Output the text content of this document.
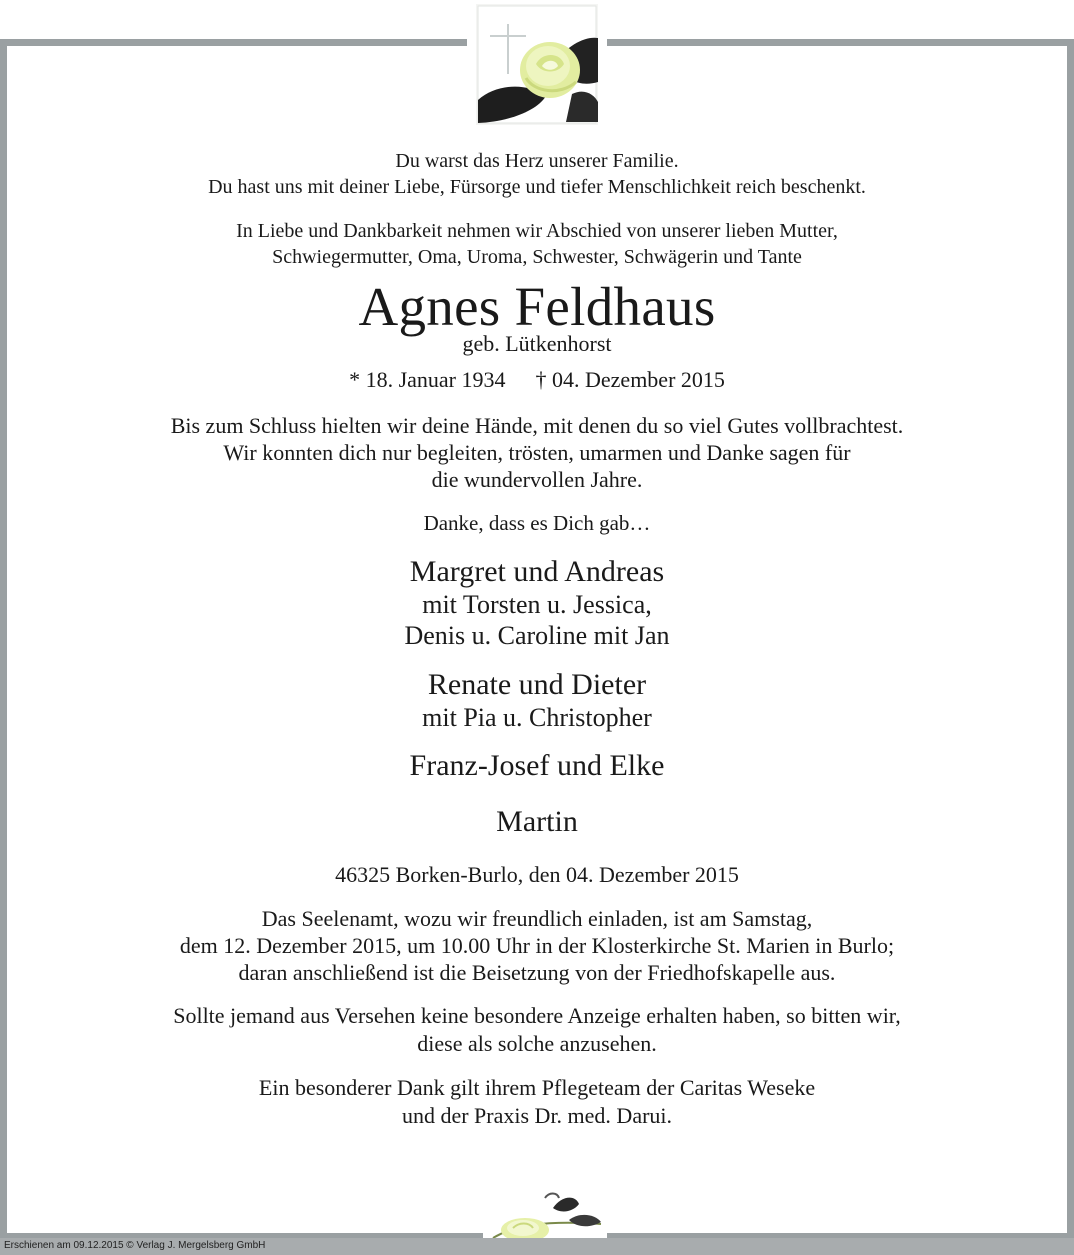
Du warst das Herz unserer Familie.

Du hast uns mit deiner Liebe, Fürsorge und tiefer Menschlichkeit reich beschenkt.

In Liebe und Dankbarkeit nehmen wir Abschied von unserer lieben Mutter,

Schwiegermutter, Oma, Uroma, Schwester, Schwägerin und Tante

Agnes Feldhaus

geb. Lütkenhorst

* 18. Januar 1934 † 04. Dezember 2015

Bis zum Schluss hielten wir deine Hände, mit denen du so viel Gutes vollbrachtest.

Wir konnten dich nur begleiten, trösten, umarmen und Danke sagen für

die wundervollen Jahre.

Danke, dass es Dich gab…

Margret und Andreas

mit Torsten u. Jessica,

Denis u. Caroline mit Jan

Renate und Dieter

mit Pia u. Christopher

Franz-Josef und Elke

Martin

46325 Borken-Burlo, den 04. Dezember 2015

Das Seelenamt, wozu wir freundlich einladen, ist am Samstag,

dem 12. Dezember 2015, um 10.00 Uhr in der Klosterkirche St. Marien in Burlo;

daran anschließend ist die Beisetzung von der Friedhofskapelle aus.

Sollte jemand aus Versehen keine besondere Anzeige erhalten haben, so bitten wir,

diese als solche anzusehen.

Ein besonderer Dank gilt ihrem Pflegeteam der Caritas Weseke

und der Praxis Dr. med. Darui.

Erschienen am 09.12.2015 © Verlag J. Mergelsberg GmbH
